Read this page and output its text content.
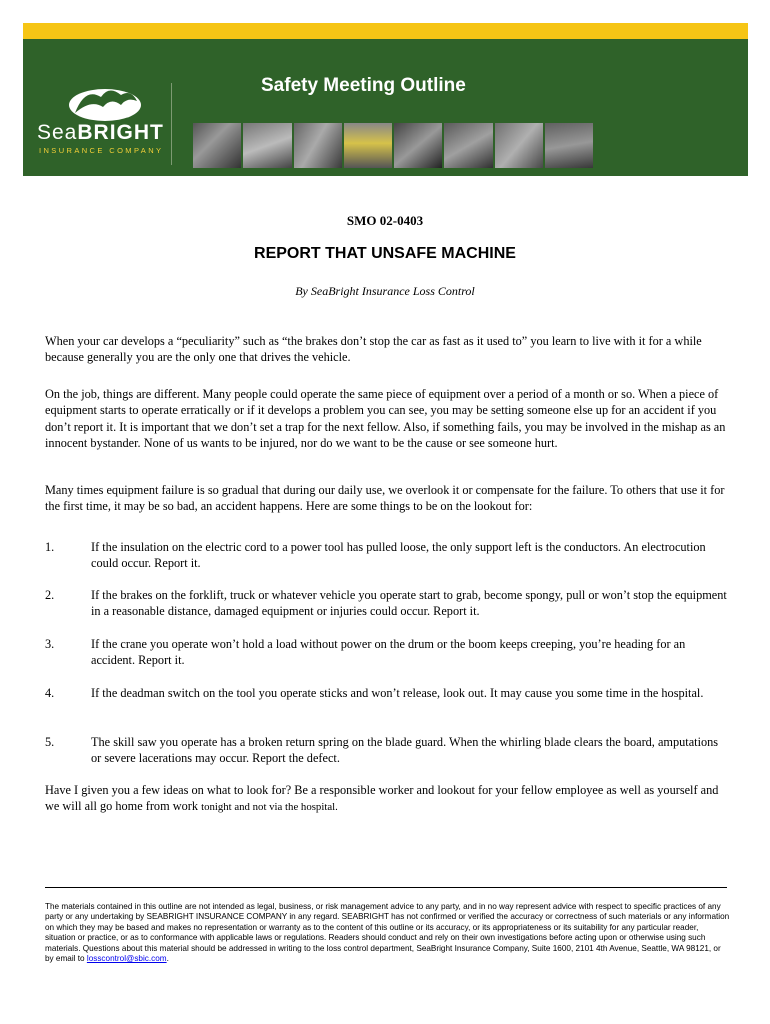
SeaBRIGHT
INSURANCE COMPANY
Safety Meeting Outline
SMO 02-0403
REPORT THAT UNSAFE MACHINE
By SeaBright Insurance Loss Control
When your car develops a “peculiarity” such as “the brakes don’t stop the car as fast as it used to” you learn to live with it for a while because generally you are the only one that drives the vehicle.
On the job, things are different. Many people could operate the same piece of equipment over a period of a month or so. When a piece of equipment starts to operate erratically or if it develops a problem you can see, you may be setting someone else up for an accident if you don’t report it. It is important that we don’t set a trap for the next fellow. Also, if something fails, you may be involved in the mishap as an innocent bystander. None of us wants to be injured, nor do we want to be the cause or see someone hurt.
Many times equipment failure is so gradual that during our daily use, we overlook it or compensate for the failure. To others that use it for the first time, it may be so bad, an accident happens. Here are some things to be on the lookout for:
1.	If the insulation on the electric cord to a power tool has pulled loose, the only support left is the conductors. An electrocution could occur. Report it.
2.	If the brakes on the forklift, truck or whatever vehicle you operate start to grab, become spongy, pull or won’t stop the equipment in a reasonable distance, damaged equipment or injuries could occur. Report it.
3.	If the crane you operate won’t hold a load without power on the drum or the boom keeps creeping, you’re heading for an accident. Report it.
4.	If the deadman switch on the tool you operate sticks and won’t release, look out. It may cause you some time in the hospital.
5.	The skill saw you operate has a broken return spring on the blade guard. When the whirling blade clears the board, amputations or severe lacerations may occur. Report the defect.
Have I given you a few ideas on what to look for? Be a responsible worker and lookout for your fellow employee as well as yourself and we will all go home from work tonight and not via the hospital.
The materials contained in this outline are not intended as legal, business, or risk management advice to any party, and in no way represent advice with respect to specific practices of any party or any undertaking by SEABRIGHT INSURANCE COMPANY in any regard. SEABRIGHT has not confirmed or verified the accuracy or correctness of such materials or any information on which they may be based and makes no representation or warranty as to the content of this outline or its accuracy, or its appropriateness or its suitability for any particular reader, situation or practice, or as to conformance with applicable laws or regulations. Readers should conduct and rely on their own investigations before acting upon or otherwise using such materials. Questions about this material should be addressed in writing to the loss control department, SeaBright Insurance Company, Suite 1600, 2101 4th Avenue, Seattle, WA 98121, or by email to losscontrol@sbic.com.
